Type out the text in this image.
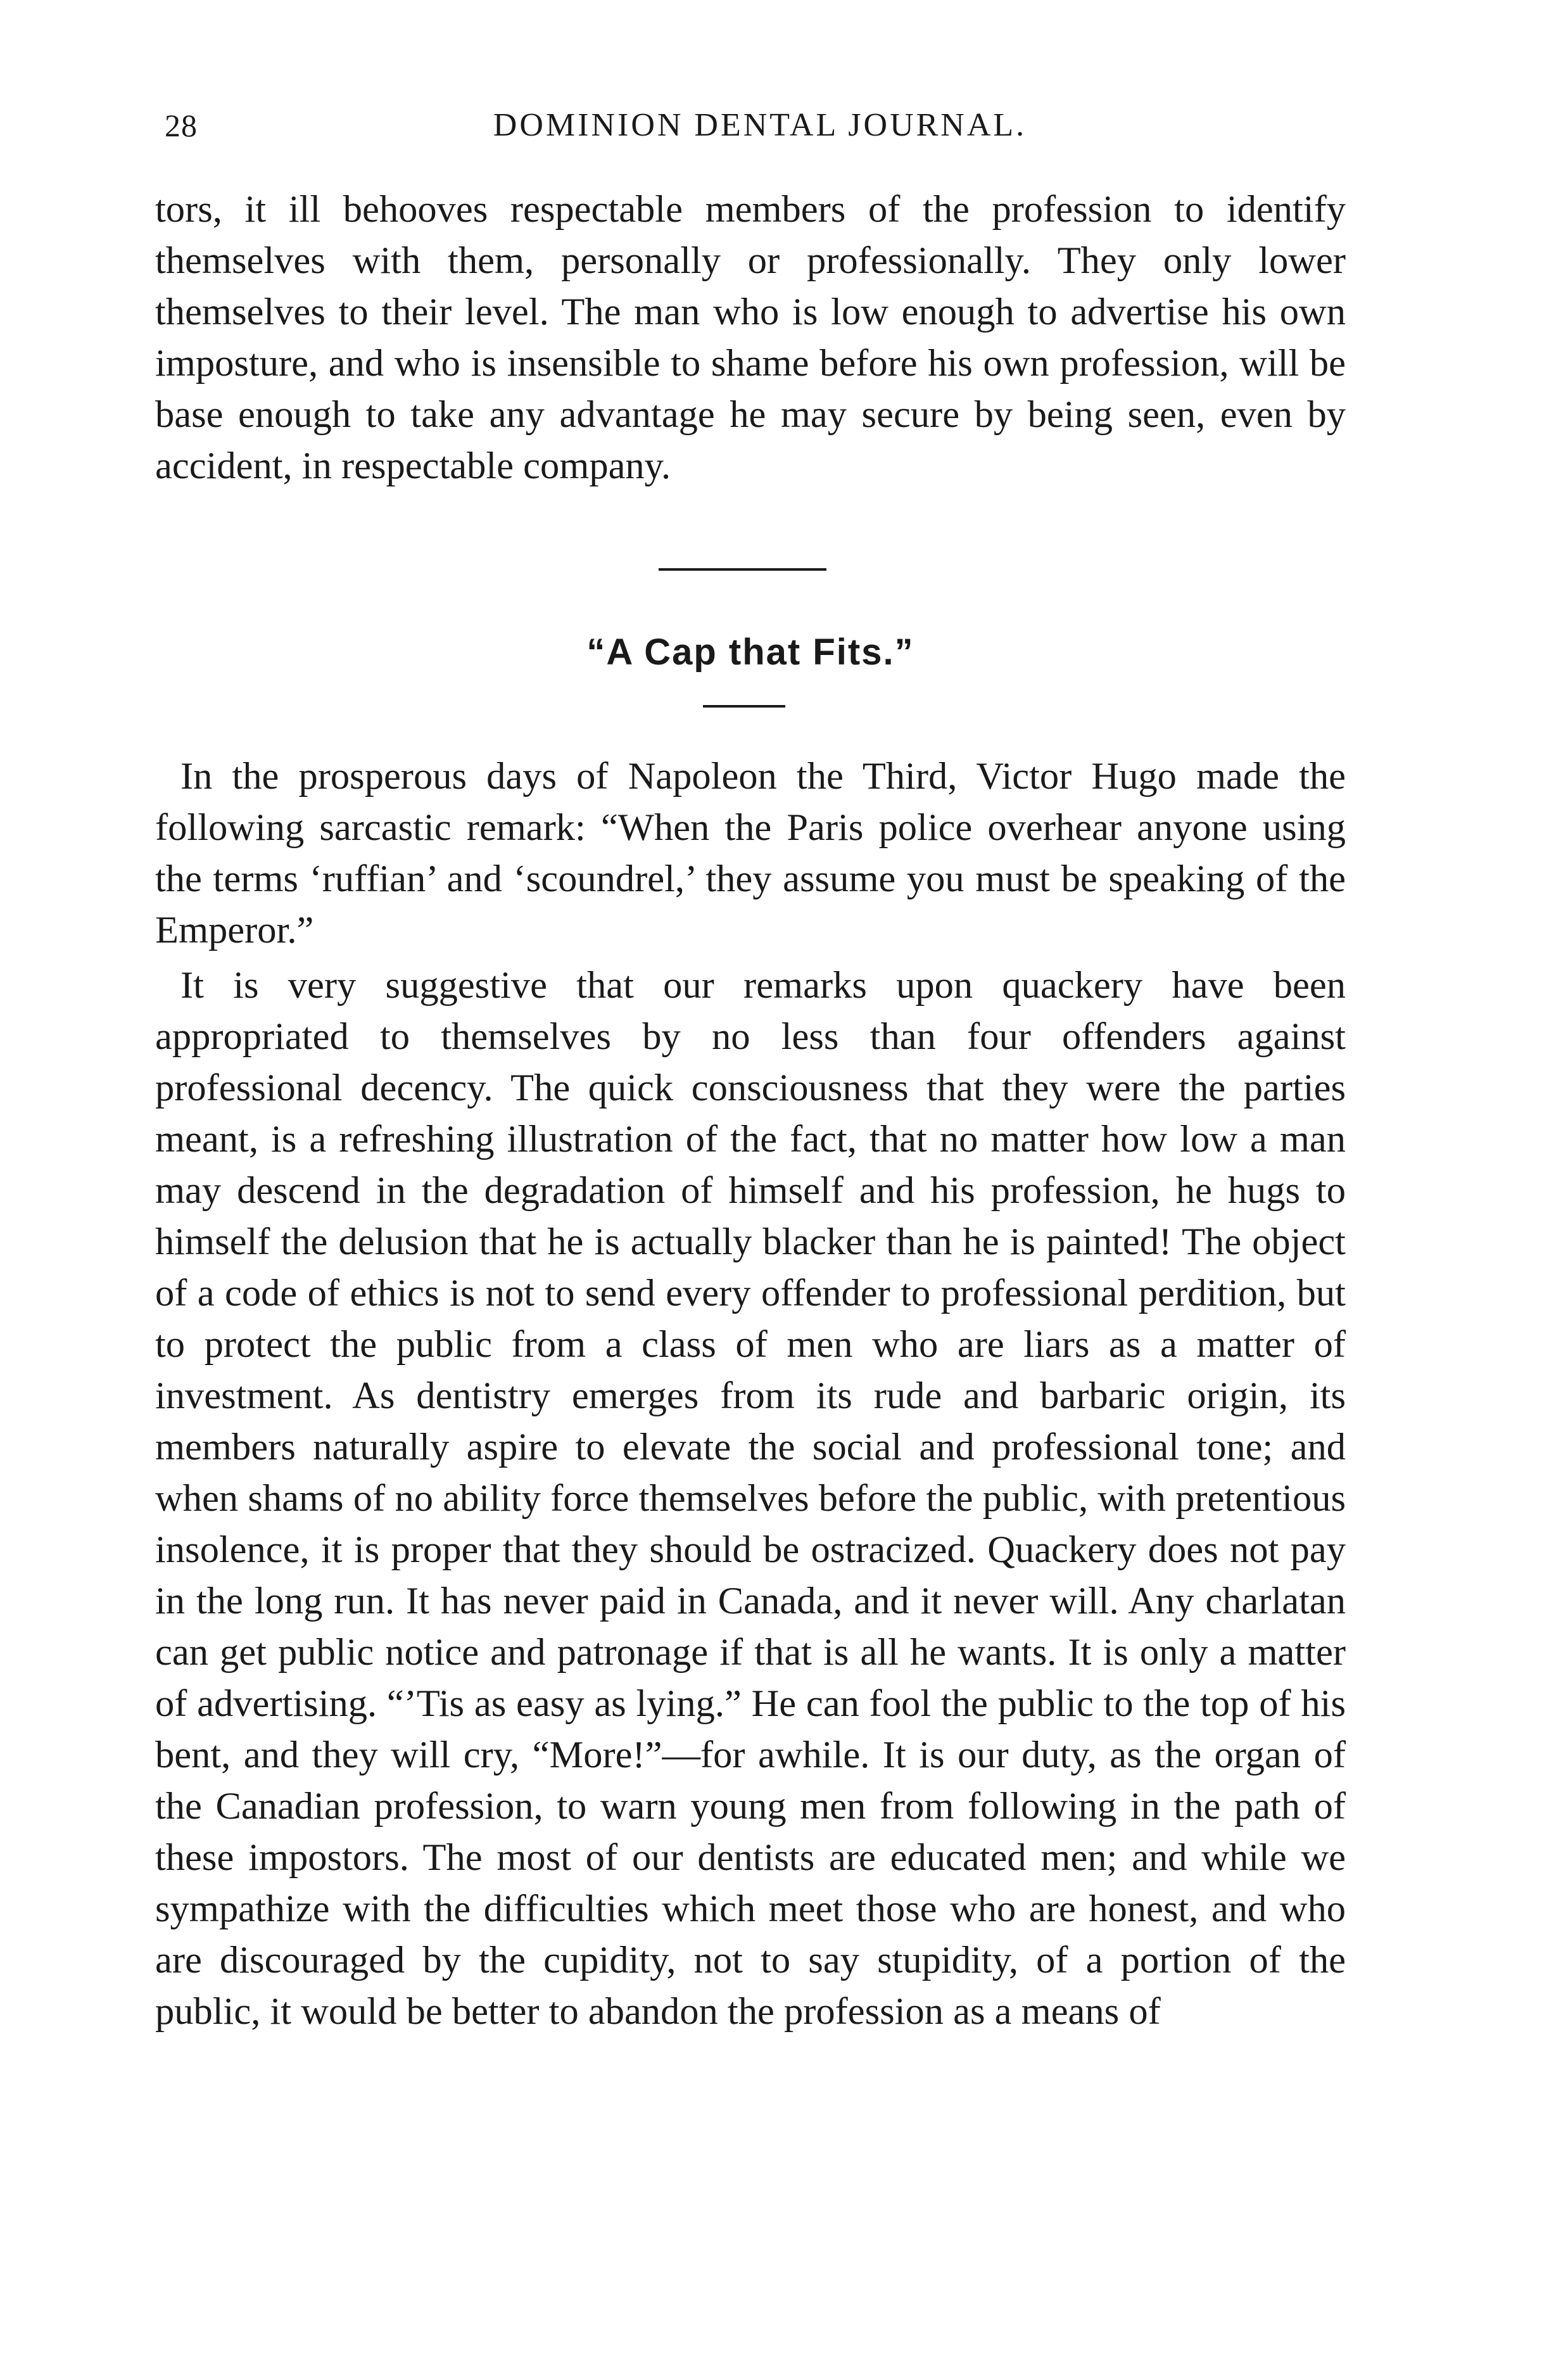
28	DOMINION DENTAL JOURNAL.

tors, it ill behooves respectable members of the profession to identify themselves with them, personally or professionally. They only lower themselves to their level. The man who is low enough to advertise his own imposture, and who is insensible to shame before his own profession, will be base enough to take any advantage he may secure by being seen, even by accident, in respectable company.

“A Cap that Fits.”

In the prosperous days of Napoleon the Third, Victor Hugo made the following sarcastic remark: “When the Paris police overhear anyone using the terms ‘ruffian’ and ‘scoundrel,’ they assume you must be speaking of the Emperor.”

It is very suggestive that our remarks upon quackery have been appropriated to themselves by no less than four offenders against professional decency. The quick consciousness that they were the parties meant, is a refreshing illustration of the fact, that no matter how low a man may descend in the degradation of himself and his profession, he hugs to himself the delusion that he is actually blacker than he is painted! The object of a code of ethics is not to send every offender to professional perdition, but to protect the public from a class of men who are liars as a matter of investment. As dentistry emerges from its rude and barbaric origin, its members naturally aspire to elevate the social and professional tone; and when shams of no ability force themselves before the public, with pretentious insolence, it is proper that they should be ostracized. Quackery does not pay in the long run. It has never paid in Canada, and it never will. Any charlatan can get public notice and patronage if that is all he wants. It is only a matter of advertising. “’Tis as easy as lying.” He can fool the public to the top of his bent, and they will cry, “More!”—for awhile. It is our duty, as the organ of the Canadian profession, to warn young men from following in the path of these impostors. The most of our dentists are educated men; and while we sympathize with the difficulties which meet those who are honest, and who are discouraged by the cupidity, not to say stupidity, of a portion of the public, it would be better to abandon the profession as a means of
